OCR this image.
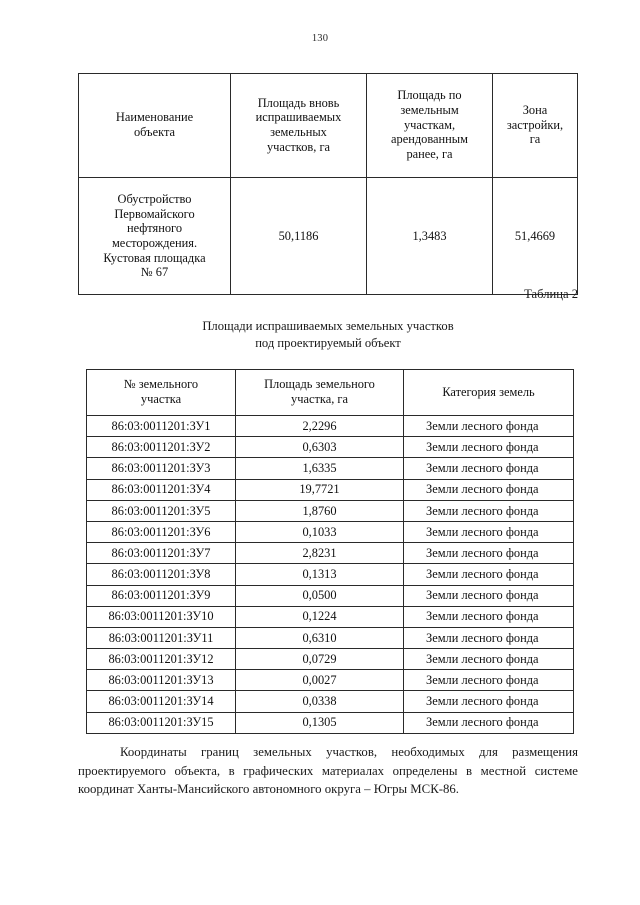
130
Наименование
объекта	Площадь вновь
испрашиваемых
земельных
участков, га	Площадь по
земельным
участкам,
арендованным
ранее, га	Зона
застройки,
га

Обустройство
Первомайского
нефтяного
месторождения.
Кустовая площадка
№ 67
	50,1186	1,3483	51,4669
Таблица 2
Площади испрашиваемых земельных участков
под проектируемый объект
№ земельного
участка	Площадь земельного
участка, га	Категория земель

86:03:0011201:ЗУ1	2,2296	Земли лесного фонда
86:03:0011201:ЗУ2	0,6303	Земли лесного фонда
86:03:0011201:ЗУ3	1,6335	Земли лесного фонда
86:03:0011201:ЗУ4	19,7721	Земли лесного фонда
86:03:0011201:ЗУ5	1,8760	Земли лесного фонда
86:03:0011201:ЗУ6	0,1033	Земли лесного фонда
86:03:0011201:ЗУ7	2,8231	Земли лесного фонда
86:03:0011201:ЗУ8	0,1313	Земли лесного фонда
86:03:0011201:ЗУ9	0,0500	Земли лесного фонда
86:03:0011201:ЗУ10	0,1224	Земли лесного фонда
86:03:0011201:ЗУ11	0,6310	Земли лесного фонда
86:03:0011201:ЗУ12	0,0729	Земли лесного фонда
86:03:0011201:ЗУ13	0,0027	Земли лесного фонда
86:03:0011201:ЗУ14	0,0338	Земли лесного фонда
86:03:0011201:ЗУ15	0,1305	Земли лесного фонда

Координаты границ земельных участков, необходимых для размещения проектируемого объекта, в графических материалах определены в местной системе координат Ханты-Мансийского автономного округа – Югры МСК-86.
